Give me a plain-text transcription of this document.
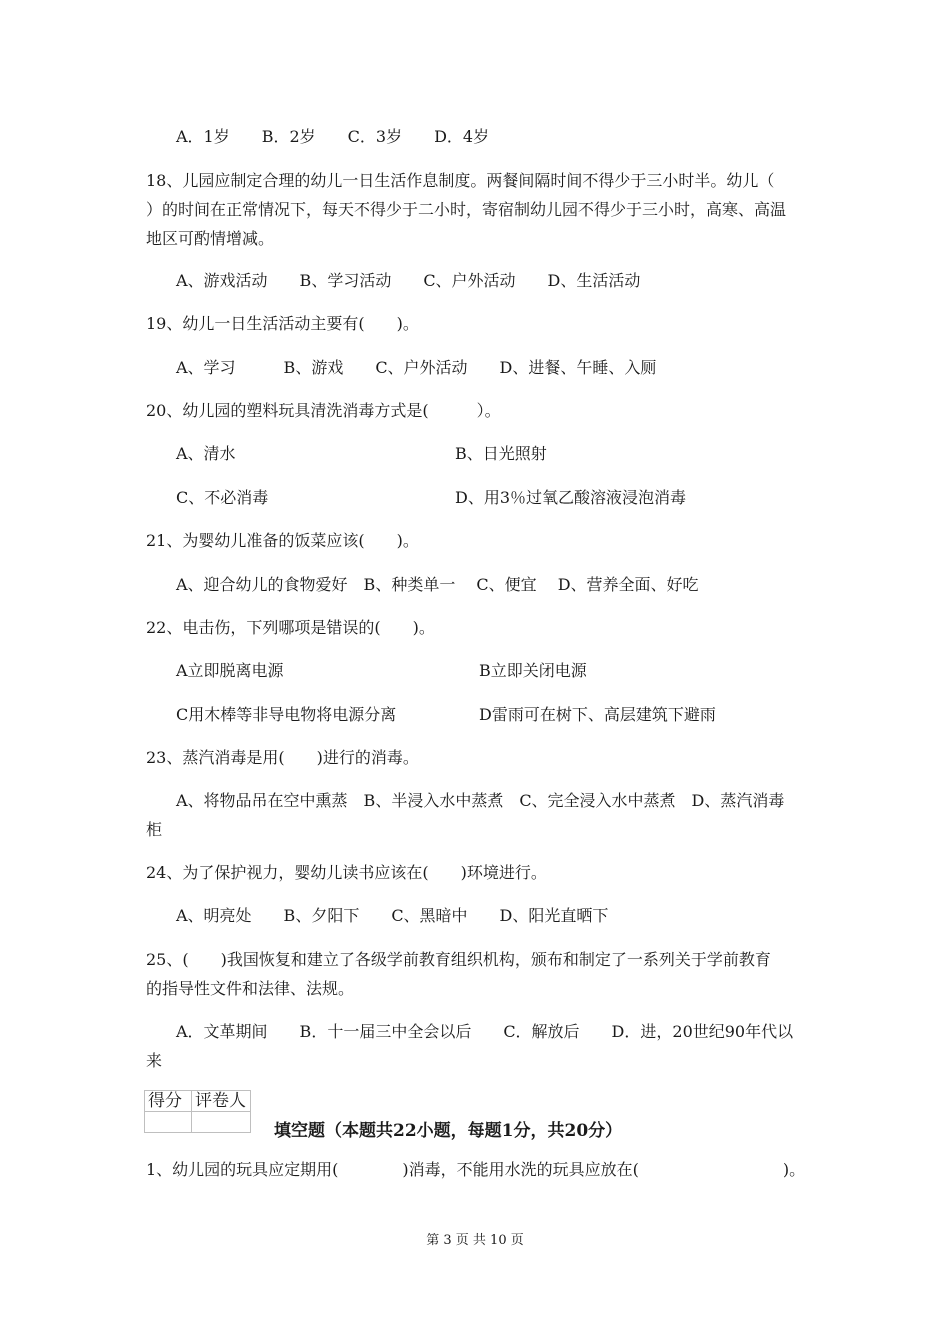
A．1岁　　B．2岁　　C．3岁　　D．4岁
18、儿园应制定合理的幼儿一日生活作息制度。两餐间隔时间不得少于三小时半。幼儿（
）的时间在正常情况下，每天不得少于二小时，寄宿制幼儿园不得少于三小时，高寒、高温
地区可酌情增减。
A、游戏活动　　B、学习活动　　C、户外活动　　D、生活活动
19、幼儿一日生活活动主要有(　　)。
A、学习　　　B、游戏　　C、户外活动　　D、进餐、午睡、入厕
20、幼儿园的塑料玩具清洗消毒方式是(　　　）。
A、清水	B、日光照射
C、不必消毒	D、用3％过氧乙酸溶液浸泡消毒
21、为婴幼儿准备的饭菜应该(　　)。
A、迎合幼儿的食物爱好　B、种类单一　 C、便宜　 D、营养全面、好吃
22、电击伤，下列哪项是错误的(　　)。
A立即脱离电源	B立即关闭电源
C用木棒等非导电物将电源分离	D雷雨可在树下、高层建筑下避雨
23、蒸汽消毒是用(　　)进行的消毒。
A、将物品吊在空中熏蒸　B、半浸入水中蒸煮　C、完全浸入水中蒸煮　D、蒸汽消毒
柜
24、为了保护视力，婴幼儿读书应该在(　　)环境进行。
A、明亮处　　B、夕阳下　　C、黑暗中　　D、阳光直晒下
25、(　　)我国恢复和建立了各级学前教育组织机构，颁布和制定了一系列关于学前教育
的指导性文件和法律、法规。
A．文革期间　　B．十一届三中全会以后　　C．解放后　　D．进，20世纪90年代以
来
得分	评卷人

填空题（本题共22小题，每题1分，共20分）
1、幼儿园的玩具应定期用(　　　　)消毒，不能用水洗的玩具应放在(　　　　　　　　　)。
第 3 页 共 10 页
